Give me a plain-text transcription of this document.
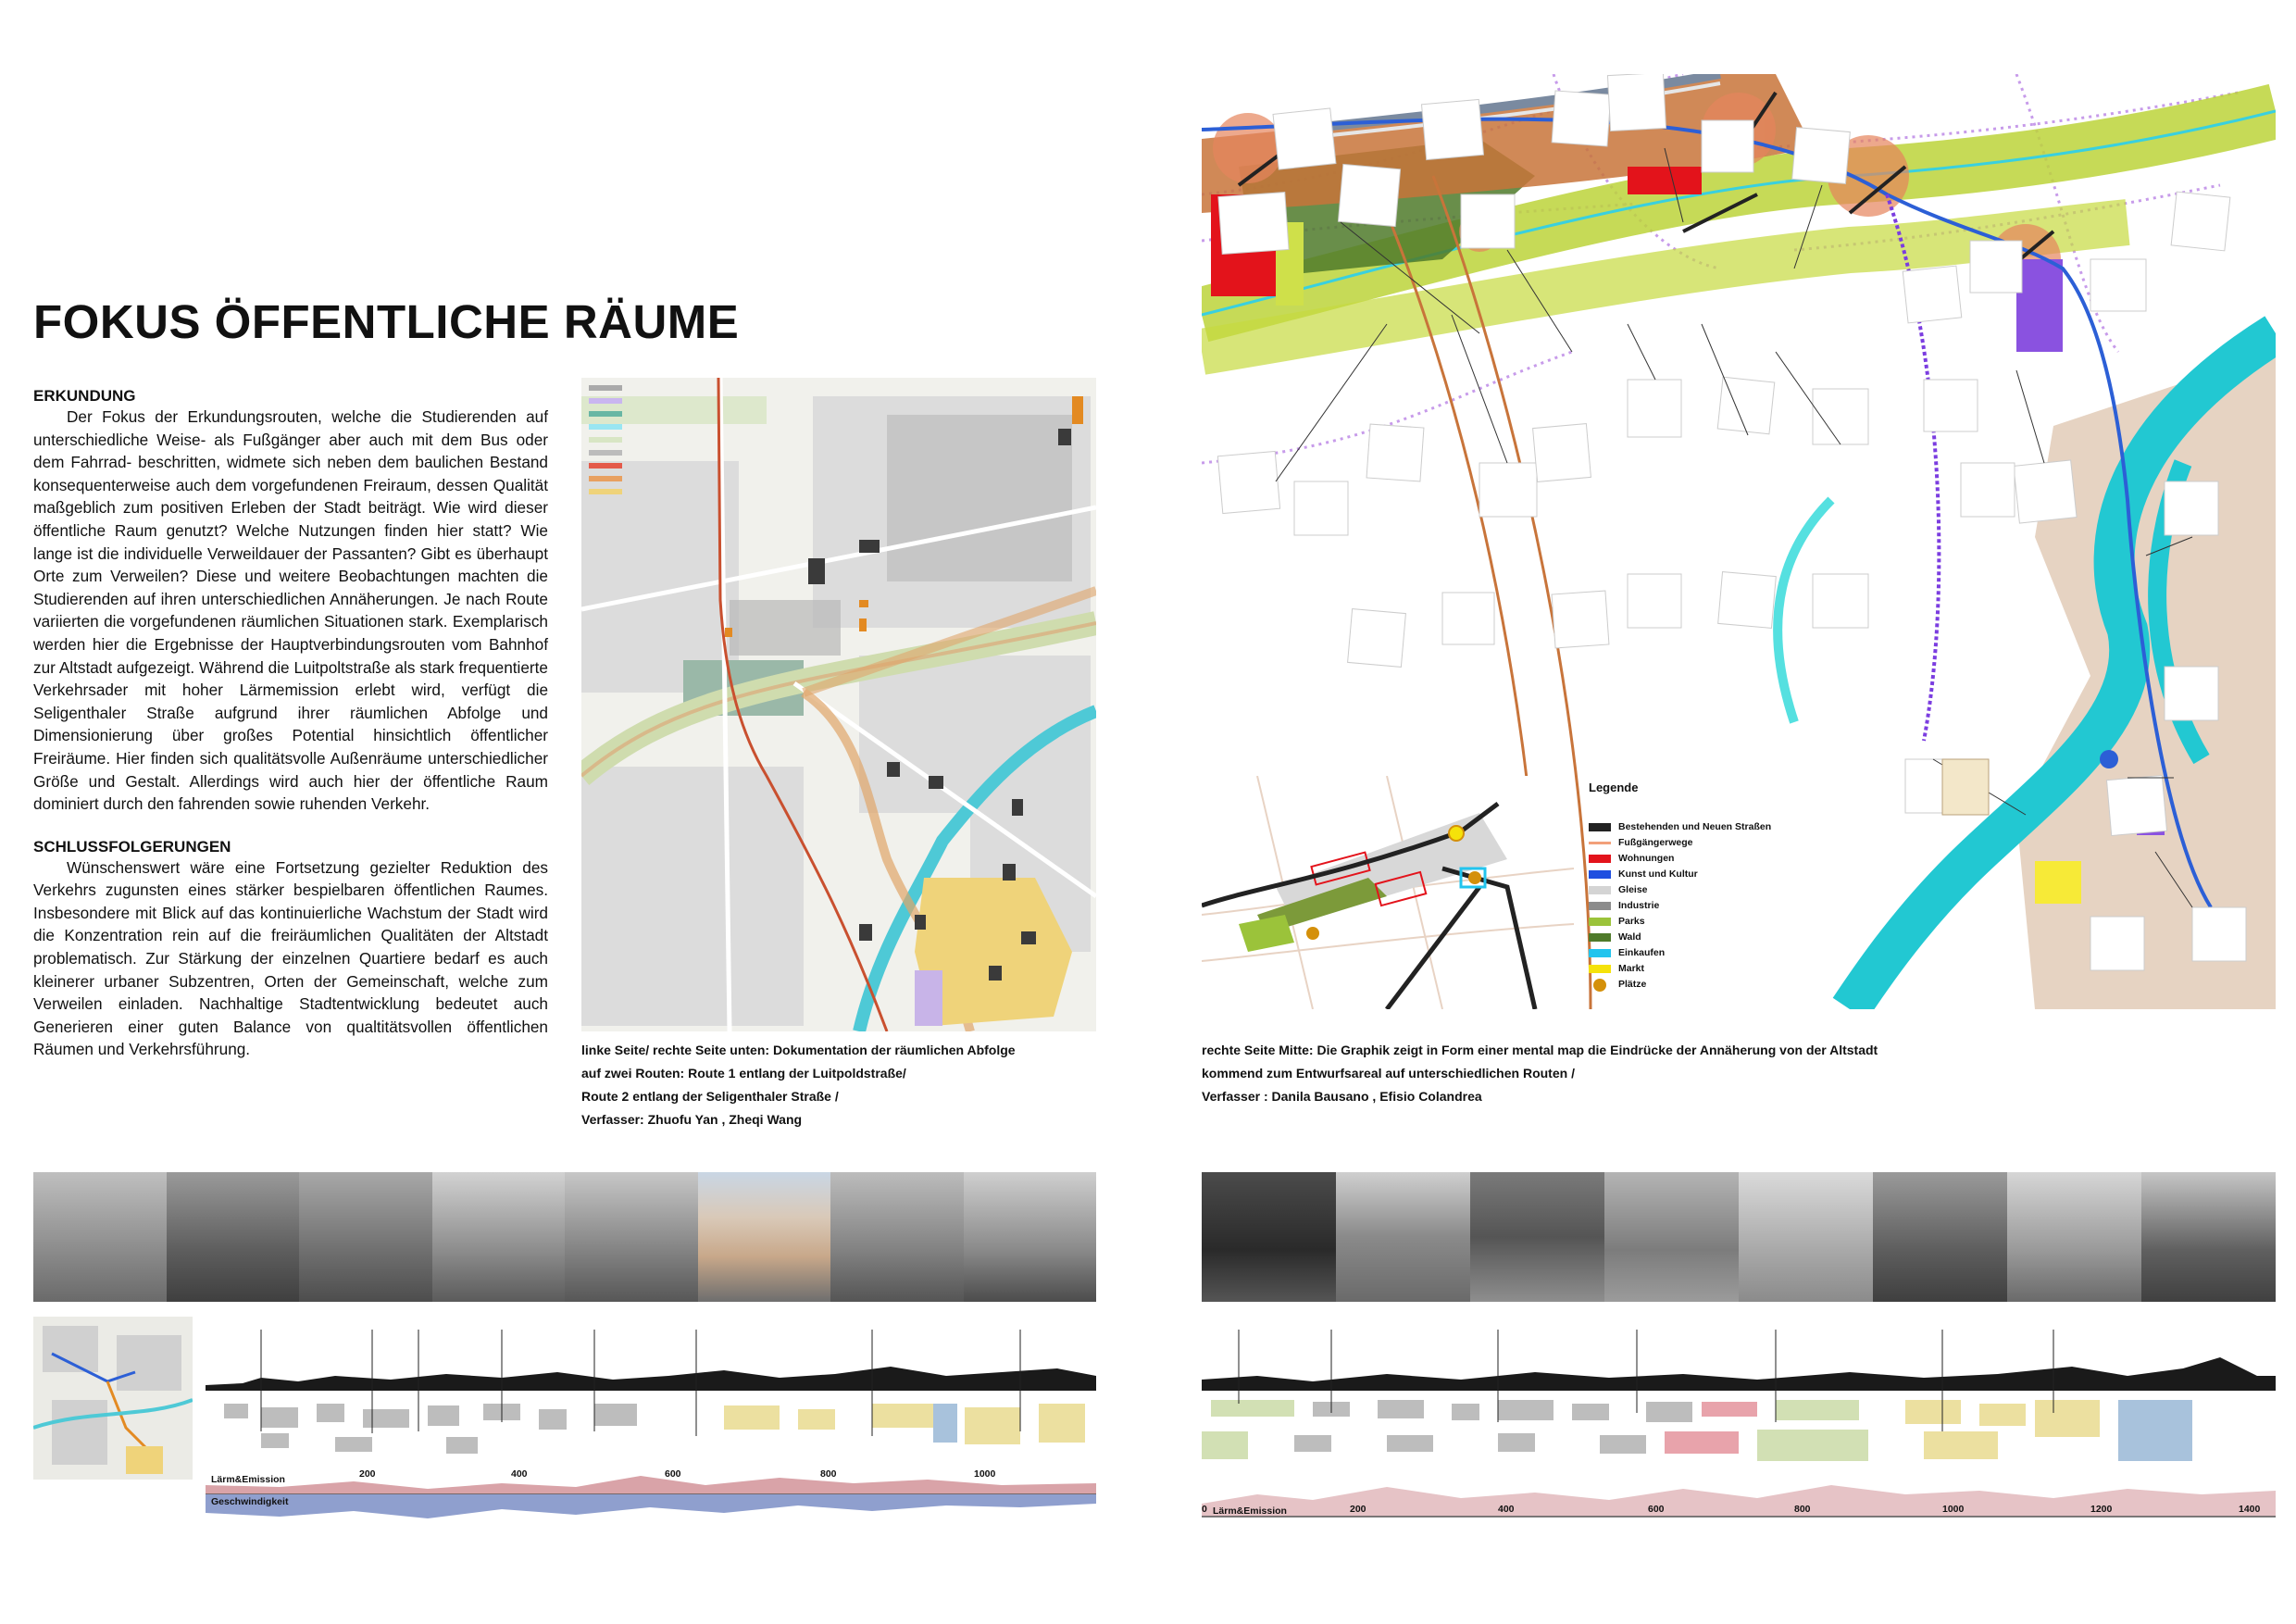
FOKUS ÖFFENTLICHE RÄUME
ERKUNDUNG

Der Fokus der Erkundungsrouten, welche die Studierenden auf unterschiedliche Weise- als Fußgänger aber auch mit dem Bus oder dem Fahrrad- beschritten, widmete sich neben dem baulichen Bestand konsequenterweise auch dem vorgefundenen Freiraum, dessen Qualität maßgeblich zum positiven Erleben der Stadt beiträgt. Wie wird dieser öffentliche Raum genutzt? Welche Nutzungen finden hier statt? Wie lange ist die individuelle Verweildauer der Passanten? Gibt es überhaupt Orte zum Verweilen? Diese und weitere Beobachtungen machten die Studierenden auf ihren unterschiedlichen Annäherungen. Je nach Route variierten die vorgefundenen räumlichen Situationen stark. Exemplarisch werden hier die Ergebnisse der Hauptverbindungsrouten vom Bahnhof zur Altstadt aufgezeigt. Während die Luitpoltstraße als stark frequentierte Verkehrsader mit hoher Lärmemission erlebt wird, verfügt die Seligenthaler Straße aufgrund ihrer räumlichen Abfolge und Dimensionierung über großes Potential hinsichtlich öffentlicher Freiräume. Hier finden sich qualitätsvolle Außenräume unterschiedlicher Größe und Gestalt. Allerdings wird auch hier der öffentliche Raum dominiert durch den fahrenden sowie ruhenden Verkehr.

SCHLUSSFOLGERUNGEN

Wünschenswert wäre eine Fortsetzung gezielter Reduktion des Verkehrs zugunsten eines stärker bespielbaren öffentlichen Raumes. Insbesondere mit Blick auf das kontinuierliche Wachstum der Stadt wird die Konzentration rein auf die freiräumlichen Qualitäten der Altstadt problematisch. Zur Stärkung der einzelnen Quartiere bedarf es auch kleinerer urbaner Subzentren, Orten der Gemeinschaft, welche zum Verweilen einladen. Nachhaltige Stadtentwicklung bedeutet auch Generieren einer guten Balance von qualtitätsvollen öffentlichen Räumen und Verkehrsführung.	linke Seite/ rechte Seite unten: Dokumentation der räumlichen Abfolge
auf zwei Routen: Route 1 entlang der Luitpoldstraße/
Route 2 entlang der Seligenthaler Straße /
Verfasser: Zhuofu Yan , Zheqi Wang
Legende
Bestehenden und Neuen Straßen
Fußgängerwege
Wohnungen
Kunst und Kultur
Gleise
Industrie
Parks
Wald
Einkaufen
Markt
Plätze
rechte Seite Mitte: Die Graphik zeigt in Form einer mental map die Eindrücke der Annäherung von der Altstadt
kommend zum Entwurfsareal auf unterschiedlichen Routen /
Verfasser : Danila Bausano , Efisio Colandrea
Lärm&Emission
Geschwindigkeit
200	400	600	800	1000
Lärm&Emission
0	200	400	600	800	1000	1200	1400
